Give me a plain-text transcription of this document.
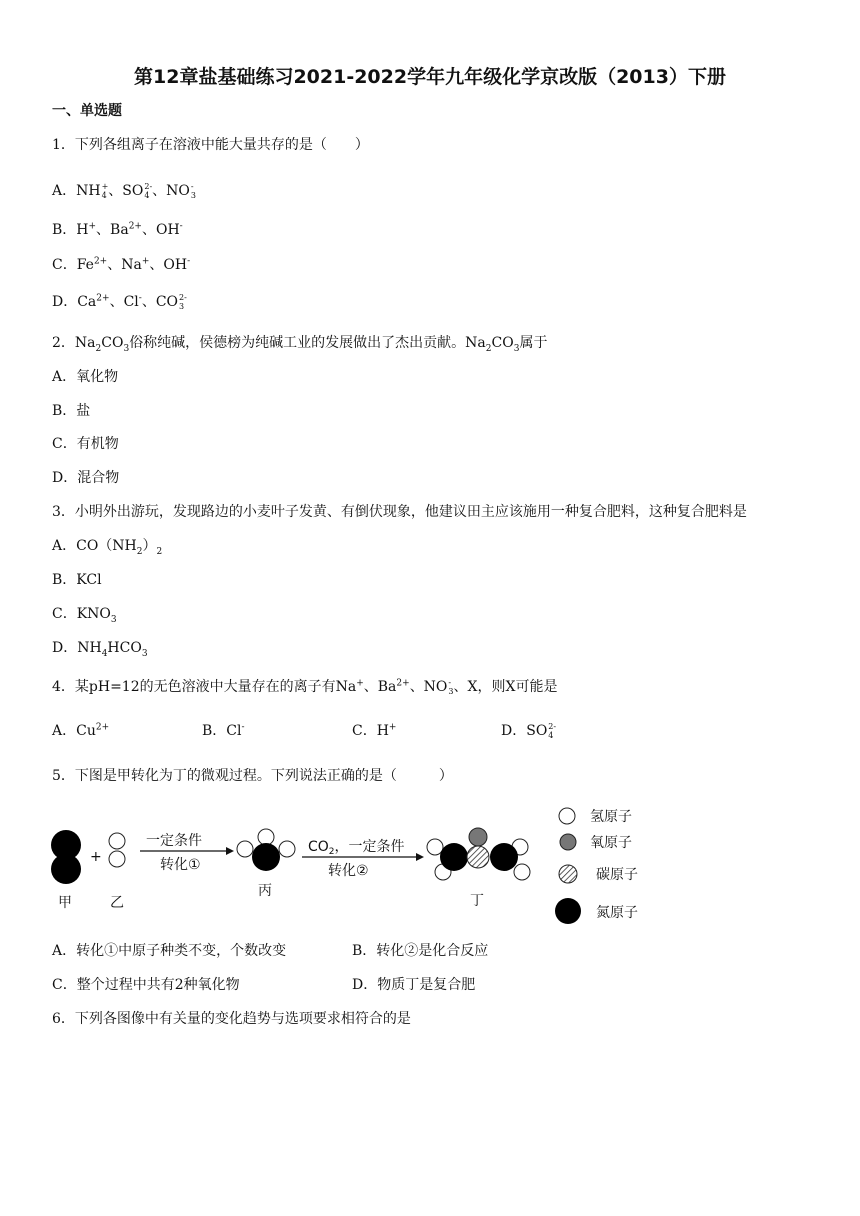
第12章盐基础练习2021-2022学年九年级化学京改版（2013）下册
一、单选题
1．下列各组离子在溶液中能大量共存的是（　　）
A．NH +
4 、SO 2-
4 、NO -
3
B．H+、$Ba^{2+}$、OH-
C．$Fe^{2+}$、Na+、OH-
D．$Ca^{2+}$、Cl-、CO 2-
3
2．$Na_2CO_3$俗称纯碱，侯德榜为纯碱工业的发展做出了杰出贡献。$Na_2CO_3$属于
A．氧化物
B．盐
C．有机物
D．混合物
3．小明外出游玩，发现路边的小麦叶子发黄、有倒伏现象，他建议田主应该施用一种复合肥料，这种复合肥料是
A．$CO(NH_2)_2$
B．KCl
C．$KNO_3$
D．$NH_4HCO_3$
4．某pH=12的无色溶液中大量存在的离子有Na+、$Ba^{2+}$、NO -
3 、X，则X可能是
A．$Cu^{2+}$	B．Cl-	C．H+	D．SO 2-
4
5．下图是甲转化为丁的微观过程。下列说法正确的是（　　　）
甲
+
乙
一定条件
转化①
丙
$CO_2$，一定条件
转化②
丁
氢原子
氧原子
碳原子
氮原子
A．转化①中原子种类不变，个数改变	B．转化②是化合反应
C．整个过程中共有2种氧化物	D．物质丁是复合肥
6．下列各图像中有关量的变化趋势与选项要求相符合的是
